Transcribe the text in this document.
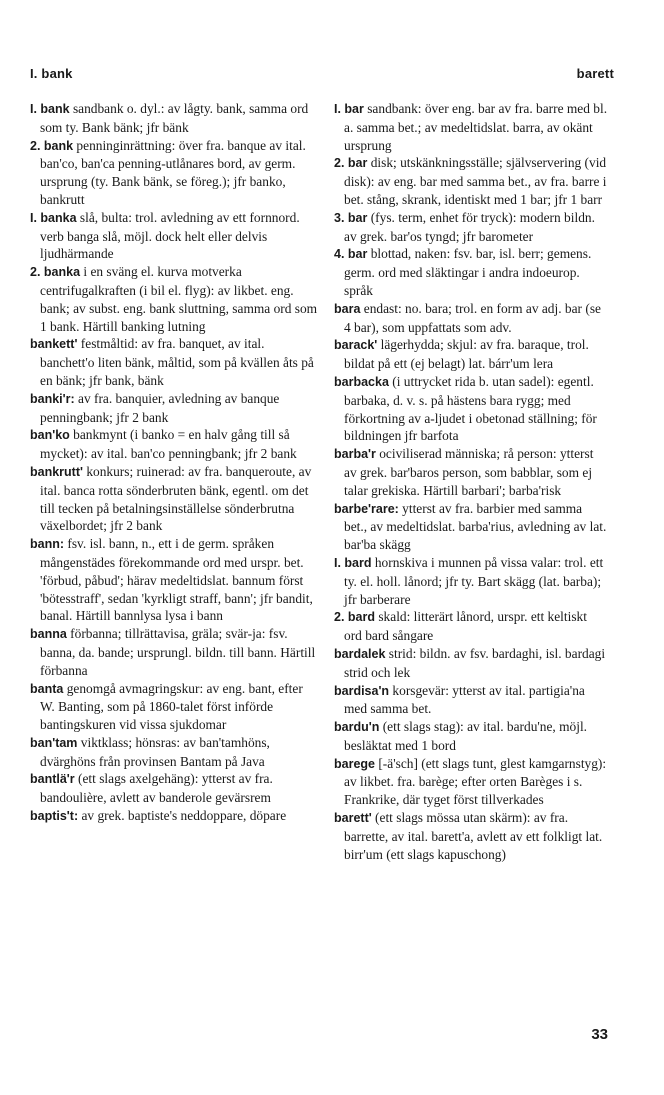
I. bank	barett
I. bank sandbank o. dyl.: av lågty. bank, samma ord som ty. Bank bänk; jfr bänk
2. bank penninginrättning: över fra. banque av ital. ban'co, ban'ca penning-utlånares bord, av germ. ursprung (ty. Bank bänk, se föreg.); jfr banko, bankrutt
I. banka slå, bulta: trol. avledning av ett fornnord. verb banga slå, möjl. dock helt eller delvis ljudhärmande
2. banka i en sväng el. kurva motverka centrifugalkraften (i bil el. flyg): av likbet. eng. bank; av subst. eng. bank sluttning, samma ord som 1 bank. Härtill banking lutning
bankett' festmåltid: av fra. banquet, av ital. banchett'o liten bänk, måltid, som på kvällen åts på en bänk; jfr bank, bänk
banki'r: av fra. banquier, avledning av banque penningbank; jfr 2 bank
ban'ko bankmynt (i banko = en halv gång till så mycket): av ital. ban'co penningbank; jfr 2 bank
bankrutt' konkurs; ruinerad: av fra. banqueroute, av ital. banca rotta sönderbruten bänk, egentl. om det till tecken på betalningsinställelse sönderbrutna växelbordet; jfr 2 bank
bann: fsv. isl. bann, n., ett i de germ. språken mångenstädes förekommande ord med urspr. bet. 'förbud, påbud'; härav medeltidslat. bannum först 'bötesstraff', sedan 'kyrkligt straff, bann'; jfr bandit, banal. Härtill bannlysa lysa i bann
banna förbanna; tillrättavisa, gräla; svär-ja: fsv. banna, da. bande; ursprungl. bildn. till bann. Härtill förbanna
banta genomgå avmagringskur: av eng. bant, efter W. Banting, som på 1860-talet först införde bantingskuren vid vissa sjukdomar
ban'tam viktklass; hönsras: av ban'tamhöns, dvärghöns från provinsen Bantam på Java
bantlä'r (ett slags axelgehäng): ytterst av fra. bandoulière, avlett av banderole gevärsrem
baptis't: av grek. baptiste's neddoppare, döpare
I. bar sandbank: över eng. bar av fra. barre med bl. a. samma bet.; av medeltidslat. barra, av okänt ursprung
2. bar disk; utskänkningsställe; självservering (vid disk): av eng. bar med samma bet., av fra. barre i bet. stång, skrank, identiskt med 1 bar; jfr 1 barr
3. bar (fys. term, enhet för tryck): modern bildn. av grek. bar'os tyngd; jfr barometer
4. bar blottad, naken: fsv. bar, isl. berr; gemens. germ. ord med släktingar i andra indoeurop. språk
bara endast: no. bara; trol. en form av adj. bar (se 4 bar), som uppfattats som adv.
barack' lägerhydda; skjul: av fra. baraque, trol. bildat på ett (ej belagt) lat. bárr'um lera
barbacka (i uttrycket rida b. utan sadel): egentl. barbaka, d. v. s. på hästens bara rygg; med förkortning av a-ljudet i obetonad ställning; för bildningen jfr barfota
barba'r ociviliserad människa; rå person: ytterst av grek. bar'baros person, som babblar, som ej talar grekiska. Härtill barbari'; barba'risk
barbe'rare: ytterst av fra. barbier med samma bet., av medeltidslat. barba'rius, avledning av lat. bar'ba skägg
I. bard hornskiva i munnen på vissa valar: trol. ett ty. el. holl. lånord; jfr ty. Bart skägg (lat. barba); jfr barberare
2. bard skald: litterärt lånord, urspr. ett keltiskt ord bard sångare
bardalek strid: bildn. av fsv. bardaghi, isl. bardagi strid och lek
bardisa'n korsgevär: ytterst av ital. partigia'na med samma bet.
bardu'n (ett slags stag): av ital. bardu'ne, möjl. besläktat med 1 bord
barege [-ä'sch] (ett slags tunt, glest kamgarnstyg): av likbet. fra. barège; efter orten Barèges i s. Frankrike, där tyget först tillverkades
barett' (ett slags mössa utan skärm): av fra. barrette, av ital. barett'a, avlett av ett folkligt lat. birr'um (ett slags kapuschong)
33
